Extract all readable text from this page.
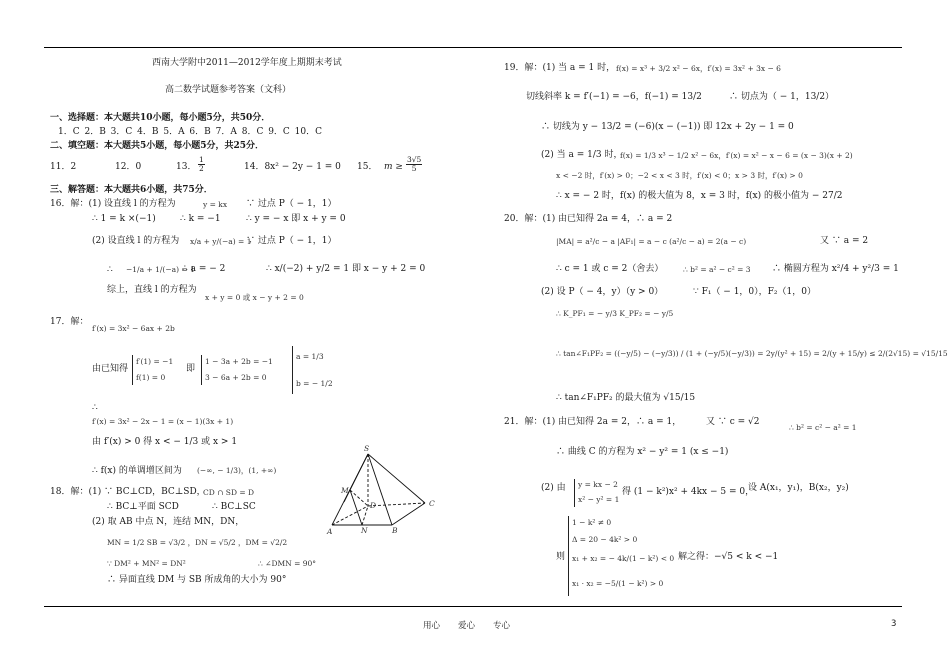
西南大学附中2011—2012学年度上期期末考试
高二数学试题参考答案（文科）
一、选择题：本大题共10小题，每小题5分，共50分．
1．C 2．B 3．C 4．B 5．A 6．B 7．A 8．C 9．C 10．C
二、填空题：本大题共5小题，每小题5分，共25分．
11．2	12．0	13． $\frac{1}{2}$	14．8x² − 2y − 1 = 0 15． $m \ge \frac{3√5}{5}$
三、解答题：本大题共6小题，共75分．
16．解：(1) 设直线 l 的方程为	y = kx ∵ 过点 P（ − 1，1）
∴ 1 = k ×(−1)	∴ k = −1	∴ y = − x 即 x + y = 0
(2) 设直线 l 的方程为 x/a + y/(−a) = 1
∵ 过点 P（ − 1，1）
∴ −1/a + 1/(−a) = 1
∴ a = − 2	∴ x/(−2) + y/2 = 1 即 x − y + 2 = 0
综上，直线 l 的方程为
x + y = 0 或 x − y + 2 = 0
17．解：
f′(x) = 3x² − 6ax + 2b
由已知得
f′(1) = −1
f(1) = 0
即
1 − 3a + 2b = −1
3 − 6a + 2b = 0
a = 1/3
b = − 1/2
∴
f′(x) = 3x² − 2x − 1 = (x − 1)(3x + 1)
由 f′(x) > 0 得 x < − 1/3 或 x > 1
∴ f(x) 的单调增区间为 (−∞, − 1/3)，(1, +∞)
S
M
D	C
A	N	B
18．解：(1) ∵ BC⊥CD，BC⊥SD，
CD ∩ SD = D
∴ BC⊥平面 SCD	∴ BC⊥SC
(2) 取 AB 中点 N，连结 MN，DN，
MN = 1/2 SB = √3/2 ，DN = √5/2 ，DM = √2/2
∵ DM² + MN² = DN²	∴ ∠DMN = 90°
∴ 异面直线 DM 与 SB 所成角的大小为 90°
19．解：(1) 当 a = 1 时， f(x) = x³ + 3/2 x² − 6x，f′(x) = 3x² + 3x − 6
切线斜率 k = f′(−1) = −6，f(−1) = 13/2	∴ 切点为（ − 1，13/2）
∴ 切线为 y − 13/2 = (−6)(x − (−1)) 即 12x + 2y − 1 = 0
(2) 当 a = 1/3 时，
f(x) = 1/3 x³ − 1/2 x² − 6x，f′(x) = x² − x − 6 = (x − 3)(x + 2)
x < −2 时，f′(x) > 0；−2 < x < 3 时，f′(x) < 0；x > 3 时，f′(x) > 0
∴ x = − 2 时，f(x) 的极大值为 8，x = 3 时，f(x) 的极小值为 − 27/2
20．解：(1) 由已知得 2a = 4，∴ a = 2
|MA| = a²/c − a |AF₁| = a − c (a²/c − a) = 2(a − c)	又 ∵ a = 2
∴ c = 1 或 c = 2（舍去）	∴ b² = a² − c² = 3 ∴ 椭圆方程为 x²/4 + y²/3 = 1
(2) 设 P（ − 4，y）（y > 0）	∵ F₁（ − 1，0），F₂（1，0）
∴ K_PF₁ = − y/3 K_PF₂ = − y/5
∴ tan∠F₁PF₂ = ((−y/5) − (−y/3)) / (1 + (−y/5)(−y/3)) = 2y/(y² + 15) = 2/(y + 15/y) ≤ 2/(2√15) = √15/15
∴ tan∠F₁PF₂ 的最大值为 √15/15
21．解：(1) 由已知得 2a = 2，∴ a = 1，	又 ∵ c = √2
∴ b² = c² − a² = 1
∴ 曲线 C 的方程为 x² − y² = 1 (x ≤ −1)
(2) 由 y = kx − 2
x² − y² = 1
得 (1 − k²)x² + 4kx − 5 = 0，
设 A(x₁，y₁)，B(x₂，y₂)
1 − k² ≠ 0
Δ = 20 − 4k² > 0
则 x₁ + x₂ = − 4k/(1 − k²) < 0
x₁ · x₂ = −5/(1 − k²) > 0
解之得：−√5 < k < −1
用心 爱心 专心	3
